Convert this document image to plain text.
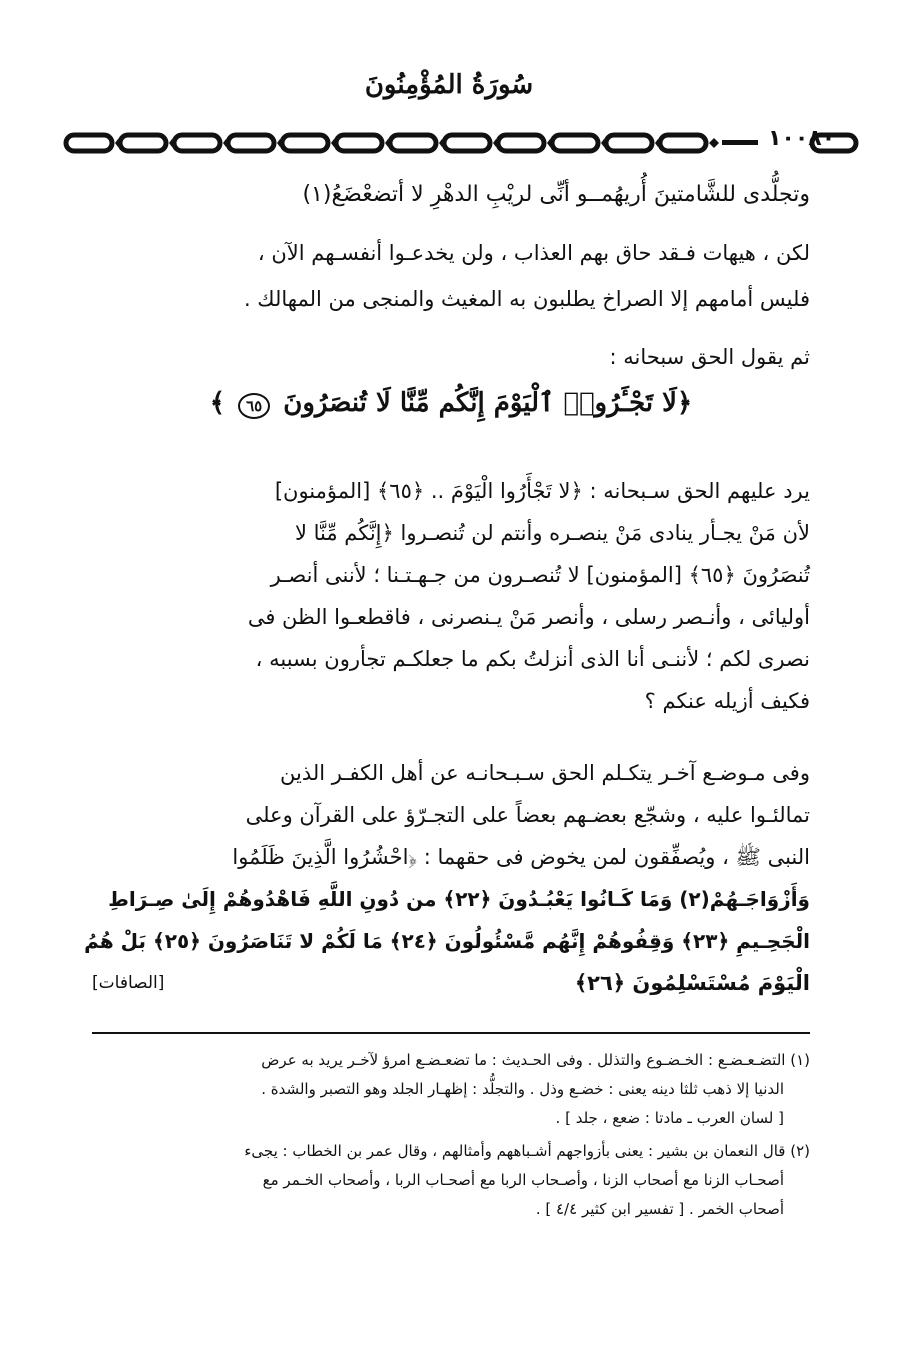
سُورَةُ المُؤْمِنُونَ
١٠٠٨٠
وتجلُّدى للشَّامتينَ أُريهُمــو أنِّى لريْبِ الدهْرِ لا أتضعْضَعُ(١)
لكن ، هيهات فـقد حاق بهم العذاب ، ولن يخدعـوا أنفسـهم الآن ،
فليس أمامهم إلا الصراخ يطلبون به المغيث والمنجى من المهالك .
ثم يقول الحق سبحانه :
﴿لَا تَجْـَٔرُوا۟ ٱلْيَوْمَ إِنَّكُم مِّنَّا لَا تُنصَرُونَ ٦٥ ﴾
يرد عليهم الحق سـبحانه : ﴿لا تَجْأَرُوا الْيَوْمَ .. ﴿٦٥﴾ [المؤمنون]
لأن مَنْ يجـأر ينادى مَنْ ينصـره وأنتم لن تُنصـروا ﴿إِنَّكُم مِّنَّا لا
تُنصَرُونَ ﴿٦٥﴾ [المؤمنون] لا تُنصـرون من جـهـتـنا ؛ لأننى أنصـر
أوليائى ، وأنـصر رسلى ، وأنصر مَنْ يـنصرنى ، فاقطعـوا الظن فى
نصرى لكم ؛ لأننـى أنا الذى أنزلتُ بكم ما جعلكـم تجأرون بسببه ،
فكيف أزيله عنكم ؟
وفى مـوضـع آخـر يتكـلم الحق سـبـحانـه عن أهل الكفـر الذين
تمالئـوا عليه ، وشجّع بعضـهم بعضاً على التجـرّؤ على القرآن وعلى
النبى ﷺ ، ويُصفِّقون لمن يخوض فى حقهما : ﴿احْشُرُوا الَّذِينَ ظَلَمُوا
وَأَزْوَاجَـهُمْ(٢) وَمَا كَـانُوا يَعْبُـدُونَ ﴿٢٢﴾ من دُونِ اللَّهِ فَاهْدُوهُمْ إِلَىٰ صِـرَاطِ
الْجَحِـيمِ ﴿٢٣﴾ وَقِفُوهُمْ إِنَّهُم مَّسْئُولُونَ ﴿٢٤﴾ مَا لَكُمْ لا تَنَاصَرُونَ ﴿٢٥﴾ بَلْ هُمُ
الْيَوْمَ مُسْتَسْلِمُونَ ﴿٢٦﴾
[الصافات]
(١) التضـعـضـع : الخـضـوع والتذلل . وفى الحـديث : ما تضعـضـع امرؤ لآخـر يريد به عرض
الدنيا إلا ذهب ثلثا دينه يعنى : خضـع وذل . والتجلُّد : إظهـار الجلد وهو التصبر والشدة .
[ لسان العرب ـ مادتا : ضعع ، جلد ] .
(٢) قال النعمان بن بشير : يعنى بأزواجهم أشـباههم وأمثالهم ، وقال عمر بن الخطاب : يجىء
أصحـاب الزنا مع أصحاب الزنا ، وأصـحاب الربا مع أصحـاب الربا ، وأصحاب الخـمر مع
أصحاب الخمر . [ تفسير ابن كثير ٤/٤ ] .
